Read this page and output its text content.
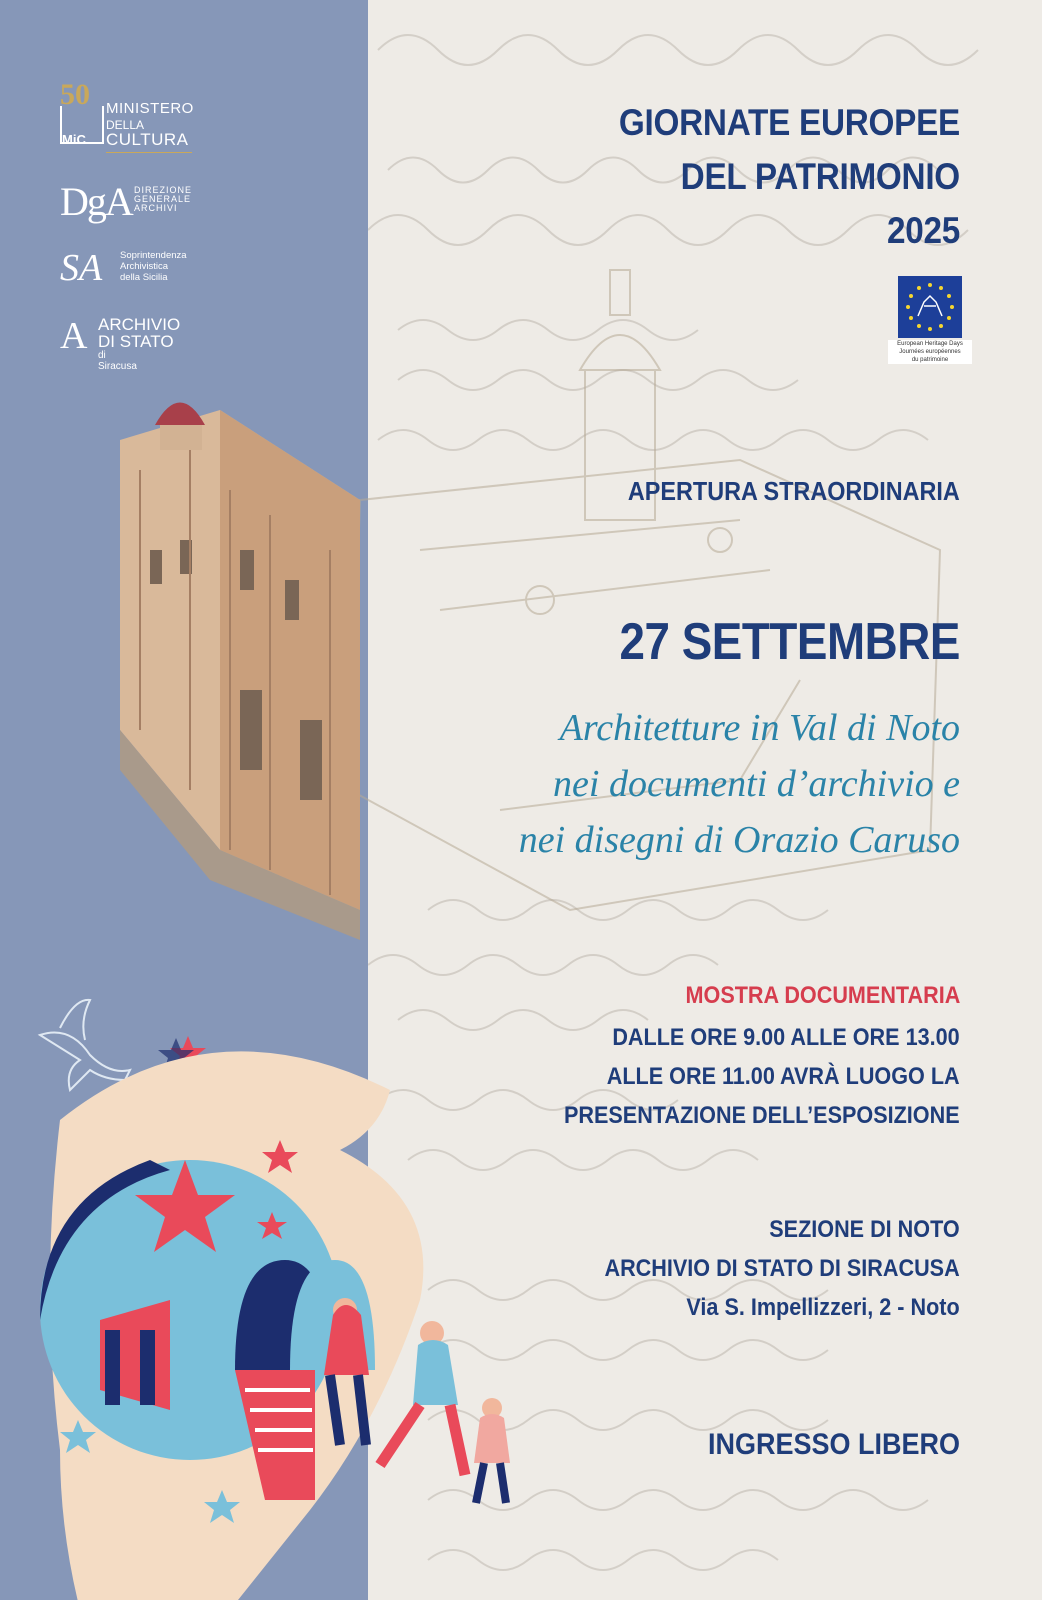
50
MiC
MINISTERO
DELLA
CULTURA
DgA DIREZIONE
GENERALE
ARCHIVI
SA Soprintendenza
Archivistica
della Sicilia
A ARCHIVIO
DI STATO
di Siracusa
GIORNATE EUROPEE
DEL PATRIMONIO
2025
European Heritage Days
Journées européennes
du patrimoine
APERTURA STRAORDINARIA
27 SETTEMBRE
Architetture in Val di Noto
nei documenti d’archivio e
nei disegni di Orazio Caruso
MOSTRA DOCUMENTARIA
DALLE ORE 9.00 ALLE ORE 13.00
ALLE ORE 11.00 AVRÀ LUOGO LA
PRESENTAZIONE DELL’ESPOSIZIONE
SEZIONE DI NOTO
ARCHIVIO DI STATO DI SIRACUSA
Via S. Impellizzeri, 2 - Noto
INGRESSO LIBERO
